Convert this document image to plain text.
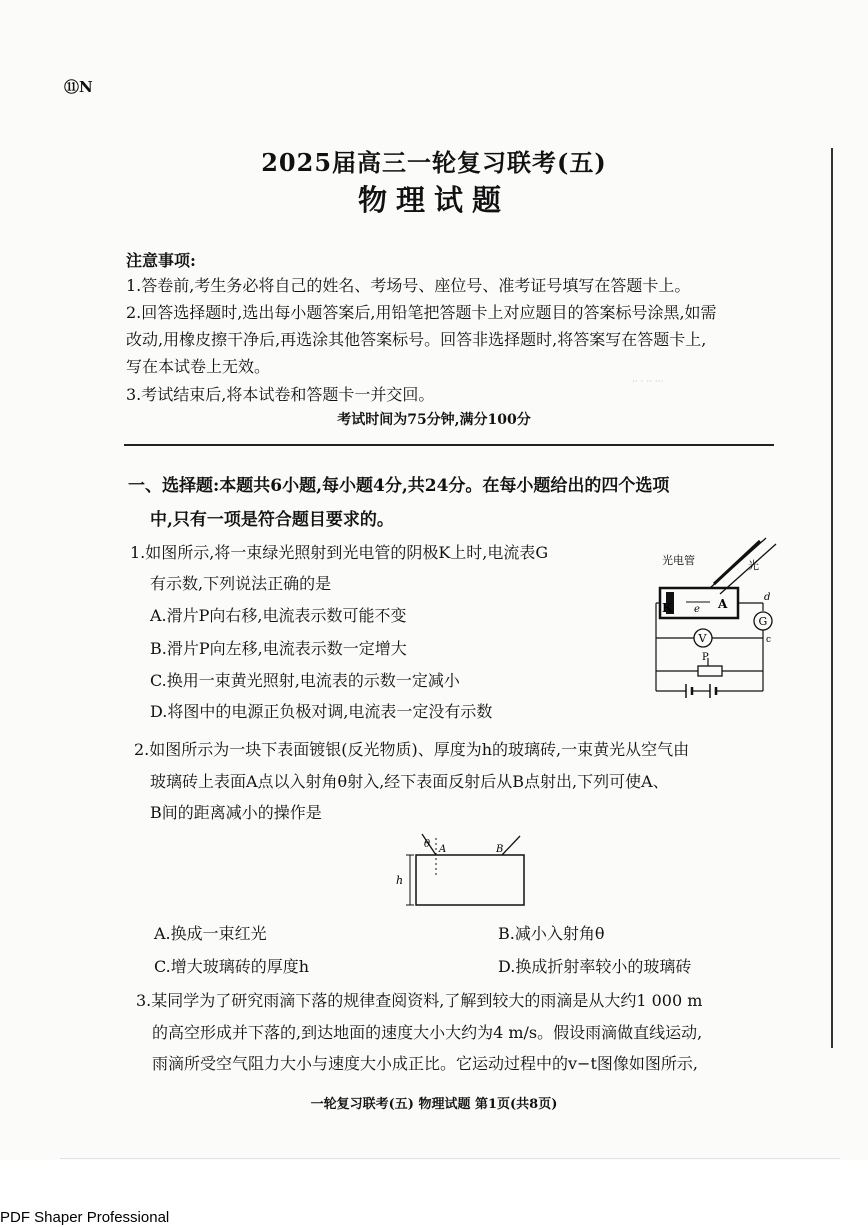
⑪N
2025届高三一轮复习联考(五)
物理试题
注意事项:
1.答卷前,考生务必将自己的姓名、考场号、座位号、准考证号填写在答题卡上。
2.回答选择题时,选出每小题答案后,用铅笔把答题卡上对应题目的答案标号涂黑,如需
改动,用橡皮擦干净后,再选涂其他答案标号。回答非选择题时,将答案写在答题卡上,
写在本试卷上无效。
3.考试结束后,将本试卷和答题卡一并交回。
·· · ·· ···
考试时间为75分钟,满分100分
一、选择题:本题共6小题,每小题4分,共24分。在每小题给出的四个选项
中,只有一项是符合题目要求的。
1.如图所示,将一束绿光照射到光电管的阴极K上时,电流表G
有示数,下列说法正确的是
A.滑片P向右移,电流表示数可能不变
B.滑片P向左移,电流表示数一定增大
C.换用一束黄光照射,电流表的示数一定减小
D.将图中的电源正负极对调,电流表一定没有示数
光电管	光
K	A
e
d
G
c
V
P
2.如图所示为一块下表面镀银(反光物质)、厚度为h的玻璃砖,一束黄光从空气由
玻璃砖上表面A点以入射角θ射入,经下表面反射后从B点射出,下列可使A、
B间的距离减小的操作是
h
θ A	B
A.换成一束红光	B.减小入射角θ
C.增大玻璃砖的厚度h	D.换成折射率较小的玻璃砖
3.某同学为了研究雨滴下落的规律查阅资料,了解到较大的雨滴是从大约1 000 m
的高空形成并下落的,到达地面的速度大小大约为4 m/s。假设雨滴做直线运动,
雨滴所受空气阻力大小与速度大小成正比。它运动过程中的v−t图像如图所示,
一轮复习联考(五) 物理试题 第1页(共8页)
PDF Shaper Professional
